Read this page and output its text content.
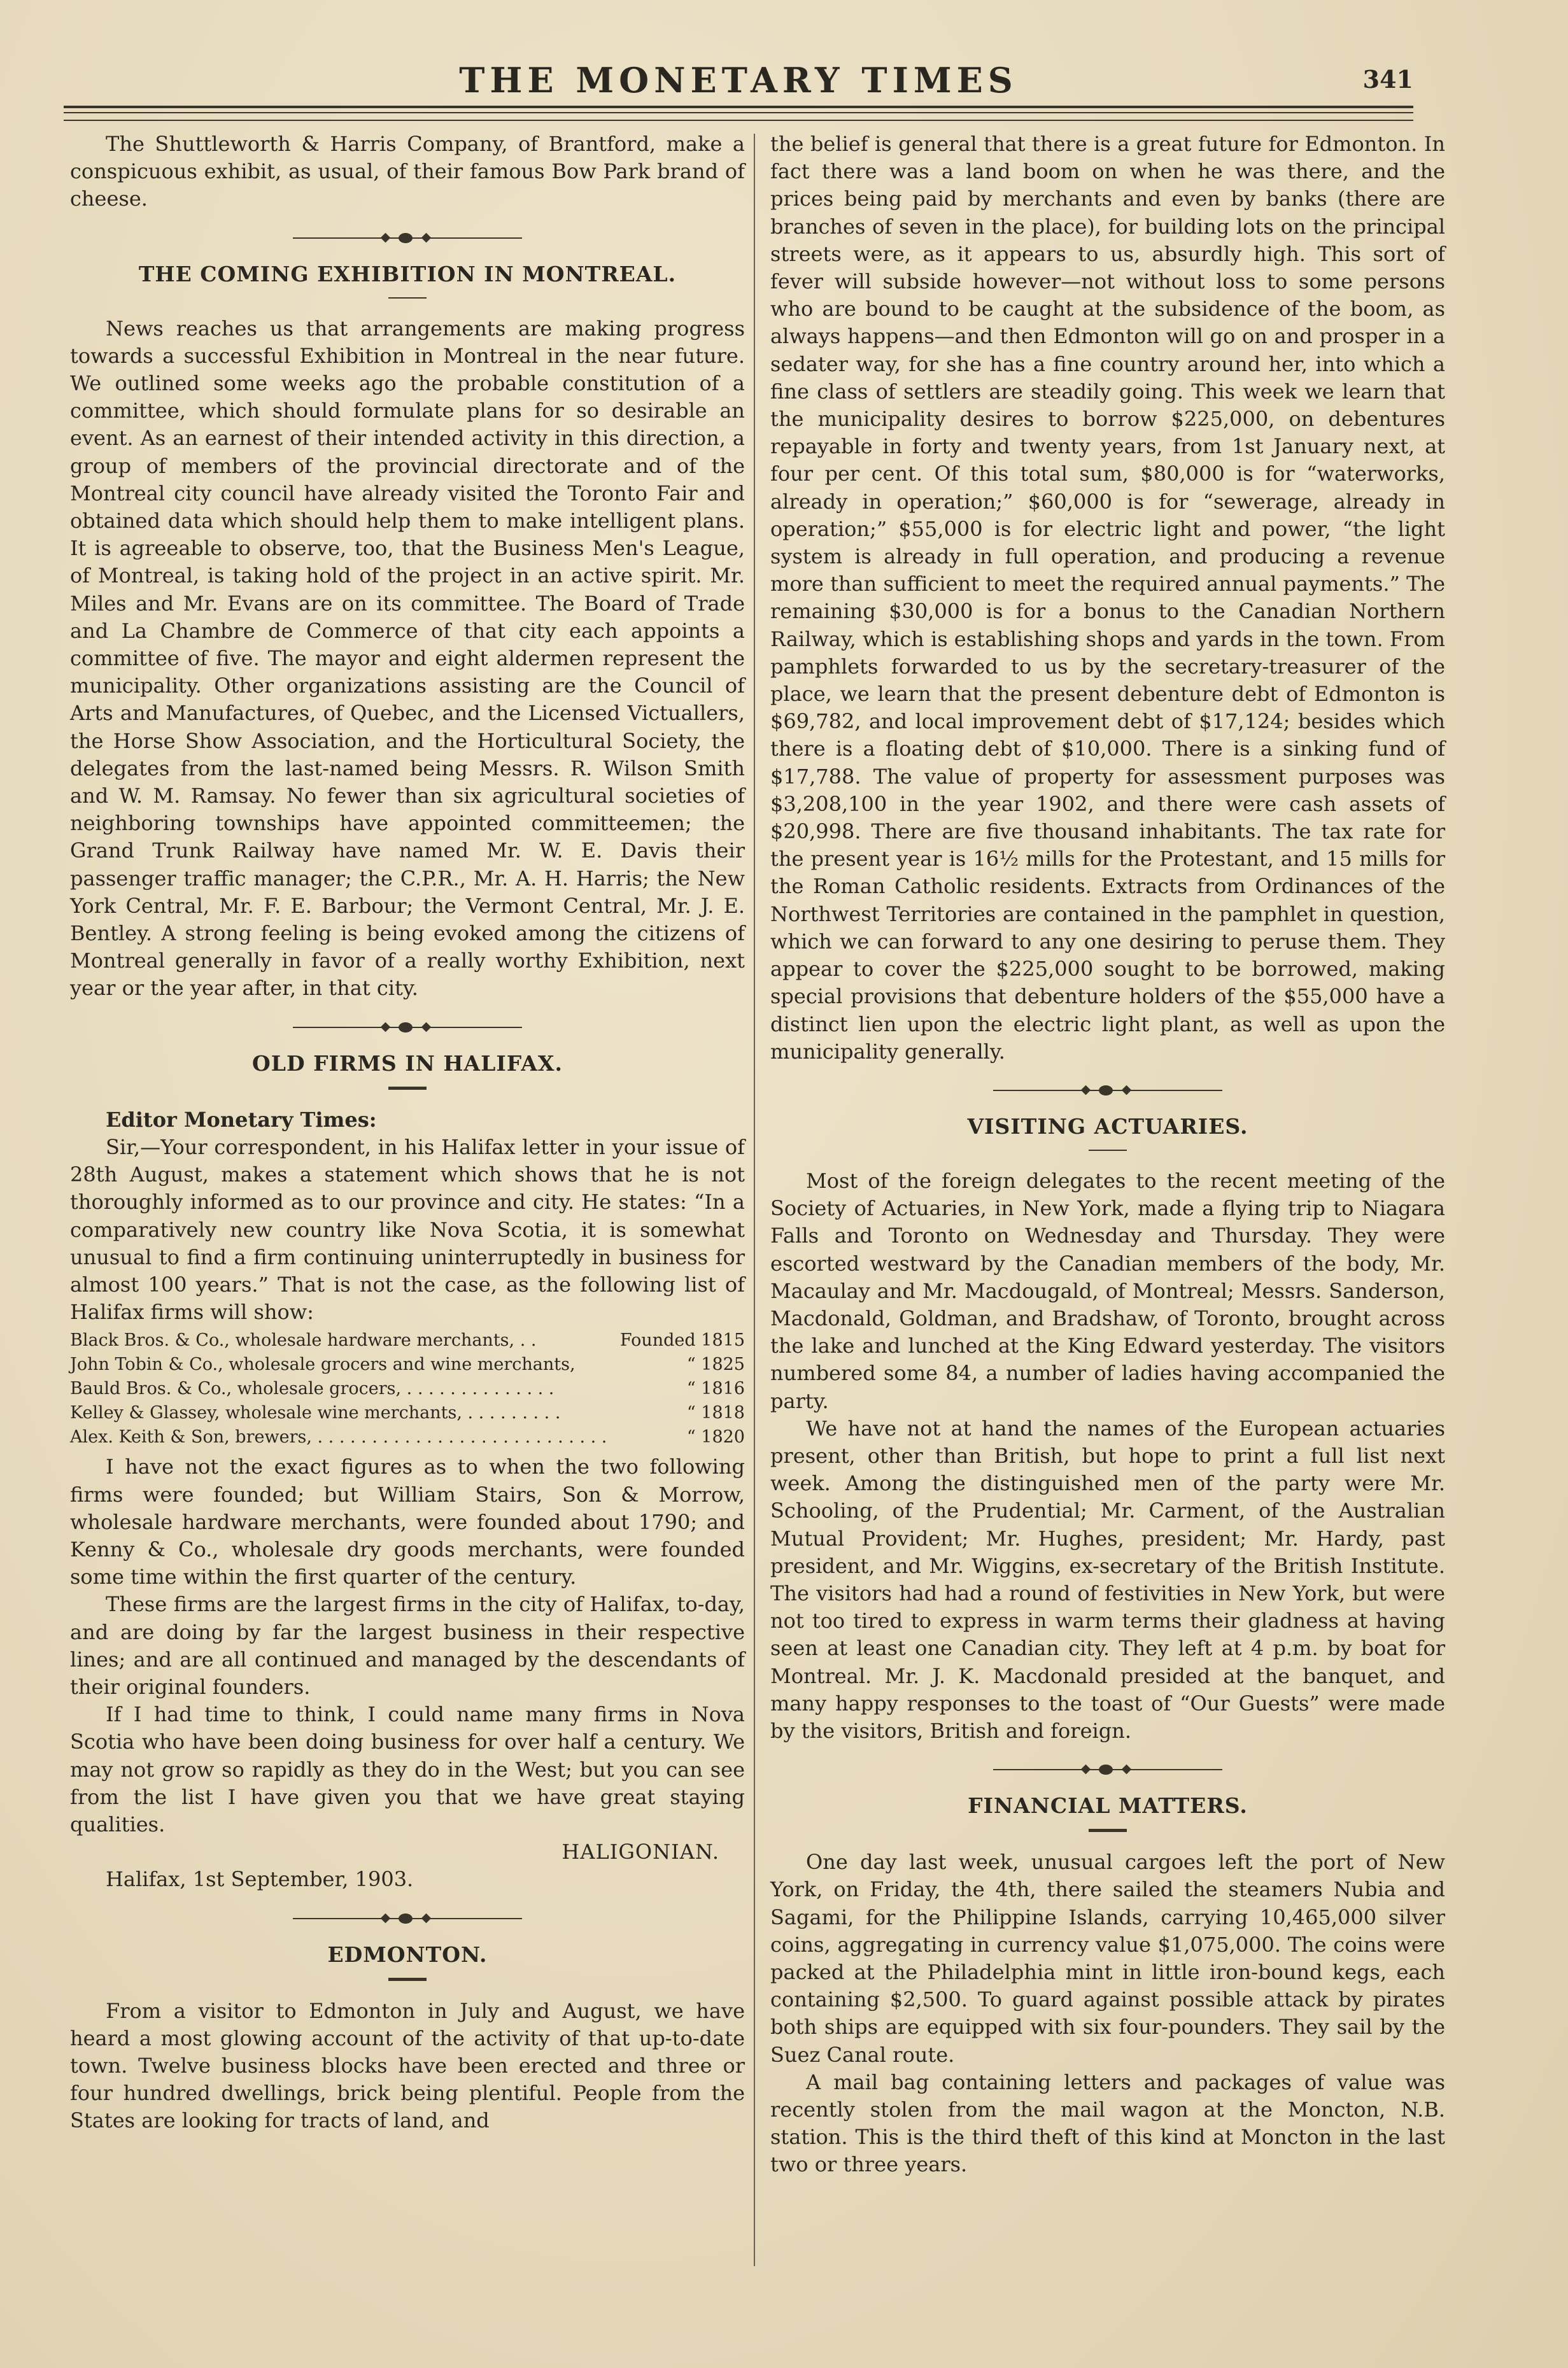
THE MONETARY TIMES	341

The Shuttleworth & Harris Company, of Brantford, make a conspicuous exhibit, as usual, of their famous Bow Park brand of cheese.

THE COMING EXHIBITION IN MONTREAL.

News reaches us that arrangements are making progress towards a successful Exhibition in Montreal in the near future. We outlined some weeks ago the probable constitution of a committee, which should formulate plans for so desirable an event. As an earnest of their intended activity in this direction, a group of members of the provincial directorate and of the Montreal city council have already visited the Toronto Fair and obtained data which should help them to make intelligent plans. It is agreeable to observe, too, that the Business Men's League, of Montreal, is taking hold of the project in an active spirit. Mr. Miles and Mr. Evans are on its committee. The Board of Trade and La Chambre de Commerce of that city each appoints a committee of five. The mayor and eight aldermen represent the municipality. Other organizations assisting are the Council of Arts and Manufactures, of Quebec, and the Licensed Victuallers, the Horse Show Association, and the Horticultural Society, the delegates from the last-named being Messrs. R. Wilson Smith and W. M. Ramsay. No fewer than six agricultural societies of neighboring townships have appointed committeemen; the Grand Trunk Railway have named Mr. W. E. Davis their passenger traffic manager; the C.P.R., Mr. A. H. Harris; the New York Central, Mr. F. E. Barbour; the Vermont Central, Mr. J. E. Bentley. A strong feeling is being evoked among the citizens of Montreal generally in favor of a really worthy Exhibition, next year or the year after, in that city.

OLD FIRMS IN HALIFAX.

Editor Monetary Times:

Sir,—Your correspondent, in his Halifax letter in your issue of 28th August, makes a statement which shows that he is not thoroughly informed as to our province and city. He states: “In a comparatively new country like Nova Scotia, it is somewhat unusual to find a firm continuing uninterruptedly in business for almost 100 years.” That is not the case, as the following list of Halifax firms will show:

Black Bros. & Co., wholesale hardware merchants, . .	Founded 1815
John Tobin & Co., wholesale grocers and wine merchants,	“ 1825
Bauld Bros. & Co., wholesale grocers, . . . . . . . . . . . . . .	“ 1816
Kelley & Glassey, wholesale wine merchants, . . . . . . . . .	“ 1818
Alex. Keith & Son, brewers, . . . . . . . . . . . . . . . . . . . . . . . . . . .	“ 1820

I have not the exact figures as to when the two following firms were founded; but William Stairs, Son & Morrow, wholesale hardware merchants, were founded about 1790; and Kenny & Co., wholesale dry goods merchants, were founded some time within the first quarter of the century.

These firms are the largest firms in the city of Halifax, to-day, and are doing by far the largest business in their respective lines; and are all continued and managed by the descendants of their original founders.

If I had time to think, I could name many firms in Nova Scotia who have been doing business for over half a century. We may not grow so rapidly as they do in the West; but you can see from the list I have given you that we have great staying qualities.

HALIGONIAN.

Halifax, 1st September, 1903.

EDMONTON.

From a visitor to Edmonton in July and August, we have heard a most glowing account of the activity of that up-to-date town. Twelve business blocks have been erected and three or four hundred dwellings, brick being plentiful. People from the States are looking for tracts of land, and

the belief is general that there is a great future for Edmonton. In fact there was a land boom on when he was there, and the prices being paid by merchants and even by banks (there are branches of seven in the place), for building lots on the principal streets were, as it appears to us, absurdly high. This sort of fever will subside however—not without loss to some persons who are bound to be caught at the subsidence of the boom, as always happens—and then Edmonton will go on and prosper in a sedater way, for she has a fine country around her, into which a fine class of settlers are steadily going. This week we learn that the municipality desires to borrow $225,000, on debentures repayable in forty and twenty years, from 1st January next, at four per cent. Of this total sum, $80,000 is for “waterworks, already in operation;” $60,000 is for “sewerage, already in operation;” $55,000 is for electric light and power, “the light system is already in full operation, and producing a revenue more than sufficient to meet the required annual payments.” The remaining $30,000 is for a bonus to the Canadian Northern Railway, which is establishing shops and yards in the town. From pamphlets forwarded to us by the secretary-treasurer of the place, we learn that the present debenture debt of Edmonton is $69,782, and local improvement debt of $17,124; besides which there is a floating debt of $10,000. There is a sinking fund of $17,788. The value of property for assessment purposes was $3,208,100 in the year 1902, and there were cash assets of $20,998. There are five thousand inhabitants. The tax rate for the present year is 16½ mills for the Protestant, and 15 mills for the Roman Catholic residents. Extracts from Ordinances of the Northwest Territories are contained in the pamphlet in question, which we can forward to any one desiring to peruse them. They appear to cover the $225,000 sought to be borrowed, making special provisions that debenture holders of the $55,000 have a distinct lien upon the electric light plant, as well as upon the municipality generally.

VISITING ACTUARIES.

Most of the foreign delegates to the recent meeting of the Society of Actuaries, in New York, made a flying trip to Niagara Falls and Toronto on Wednesday and Thursday. They were escorted westward by the Canadian members of the body, Mr. Macaulay and Mr. Macdougald, of Montreal; Messrs. Sanderson, Macdonald, Goldman, and Bradshaw, of Toronto, brought across the lake and lunched at the King Edward yesterday. The visitors numbered some 84, a number of ladies having accompanied the party.

We have not at hand the names of the European actuaries present, other than British, but hope to print a full list next week. Among the distinguished men of the party were Mr. Schooling, of the Prudential; Mr. Carment, of the Australian Mutual Provident; Mr. Hughes, president; Mr. Hardy, past president, and Mr. Wiggins, ex-secretary of the British Institute. The visitors had had a round of festivities in New York, but were not too tired to express in warm terms their gladness at having seen at least one Canadian city. They left at 4 p.m. by boat for Montreal. Mr. J. K. Macdonald presided at the banquet, and many happy responses to the toast of “Our Guests” were made by the visitors, British and foreign.

FINANCIAL MATTERS.

One day last week, unusual cargoes left the port of New York, on Friday, the 4th, there sailed the steamers Nubia and Sagami, for the Philippine Islands, carrying 10,465,000 silver coins, aggregating in currency value $1,075,000. The coins were packed at the Philadelphia mint in little iron-bound kegs, each containing $2,500. To guard against possible attack by pirates both ships are equipped with six four-pounders. They sail by the Suez Canal route.

A mail bag containing letters and packages of value was recently stolen from the mail wagon at the Moncton, N.B. station. This is the third theft of this kind at Moncton in the last two or three years.
